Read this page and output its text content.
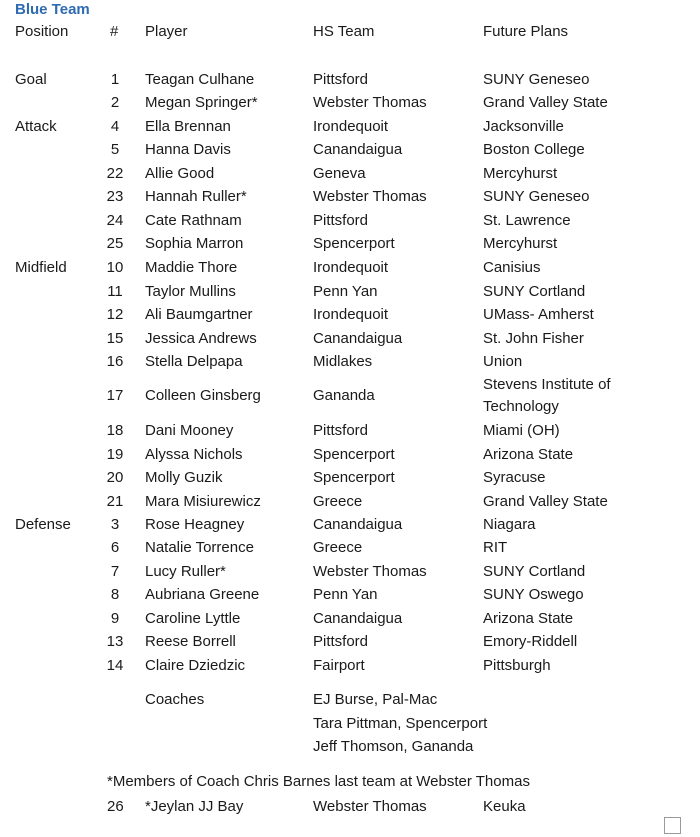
Blue Team
Position	# Player	HS Team	Future Plans
Goal	1	Teagan Culhane	Pittsford	SUNY Geneseo
2	Megan Springer*	Webster Thomas	Grand Valley State
Attack	4	Ella Brennan	Irondequoit	Jacksonville
5	Hanna Davis	Canandaigua	Boston College
22	Allie Good	Geneva	Mercyhurst
23	Hannah Ruller*	Webster Thomas	SUNY Geneseo
24	Cate Rathnam	Pittsford	St. Lawrence
25	Sophia Marron	Spencerport	Mercyhurst
Midfield	10	Maddie Thore	Irondequoit	Canisius
11	Taylor Mullins	Penn Yan	SUNY Cortland
12	Ali Baumgartner	Irondequoit	UMass- Amherst
15	Jessica Andrews	Canandaigua	St. John Fisher
16	Stella Delpapa	Midlakes	Union
17	Colleen Ginsberg	Gananda
Stevens Institute of Technology
18	Dani Mooney	Pittsford	Miami (OH)
19	Alyssa Nichols	Spencerport	Arizona State
20	Molly Guzik	Spencerport	Syracuse
21	Mara Misiurewicz	Greece	Grand Valley State
Defense	3	Rose Heagney	Canandaigua	Niagara
6	Natalie Torrence	Greece	RIT
7	Lucy Ruller*	Webster Thomas	SUNY Cortland
8	Aubriana Greene	Penn Yan	SUNY Oswego
9	Caroline Lyttle	Canandaigua	Arizona State
13	Reese Borrell	Pittsford	Emory-Riddell
14	Claire Dziedzic	Fairport	Pittsburgh
Coaches	EJ Burse, Pal-Mac
Tara Pittman, Spencerport
Jeff Thomson, Gananda
*Members of Coach Chris Barnes last team at Webster Thomas
26 *Jeylan JJ Bay	Webster Thomas	Keuka
